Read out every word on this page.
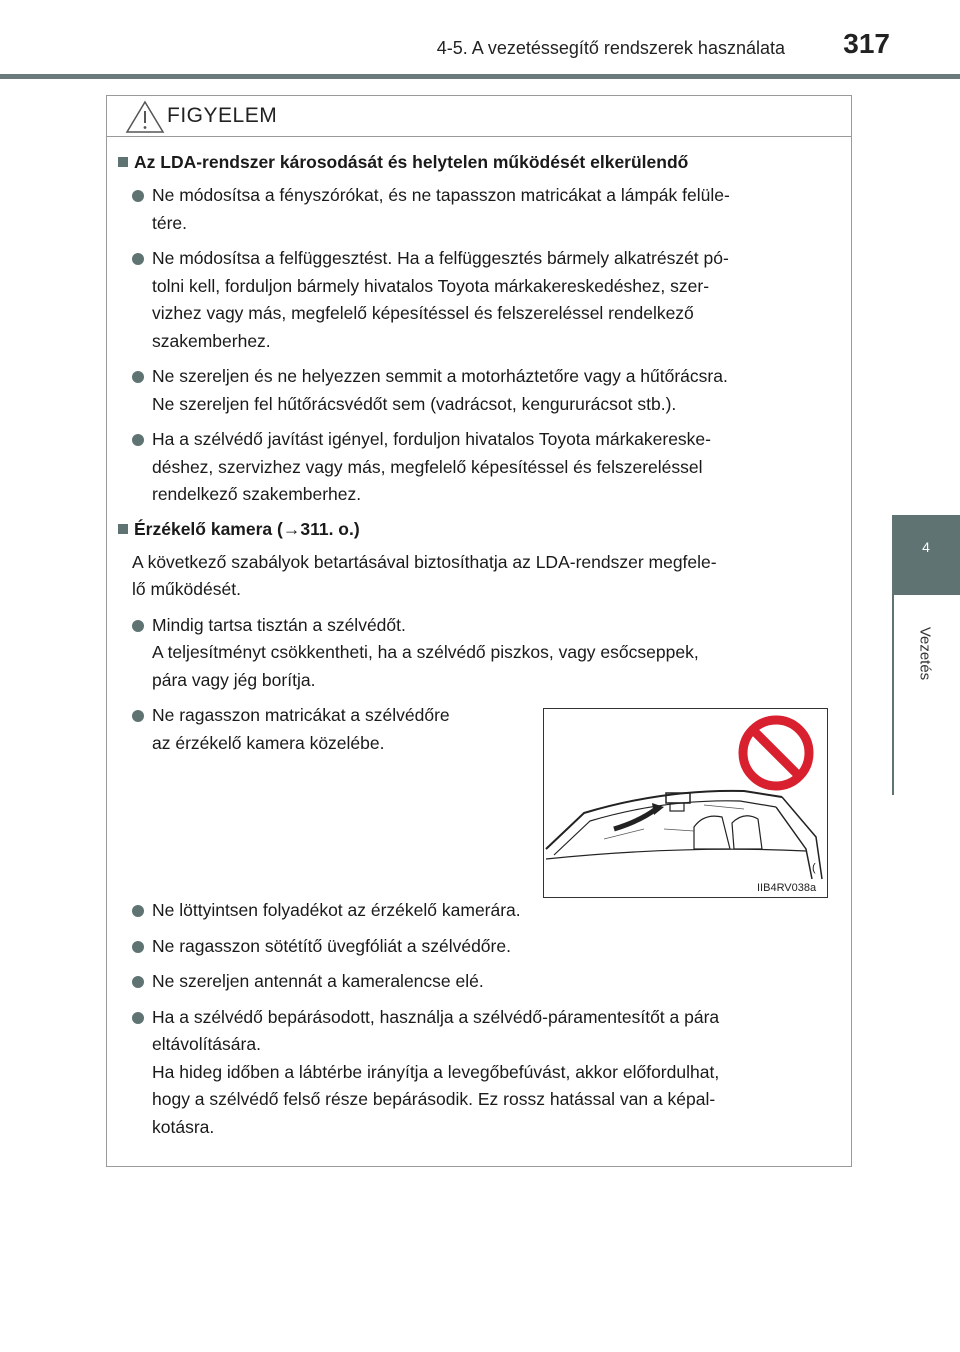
4-5. A vezetéssegítő rendszerek használata	317
4
Vezetés
FIGYELEM
Az LDA-rendszer károsodását és helytelen működését elkerülendő
Ne módosítsa a fényszórókat, és ne tapasszon matricákat a lámpák felüle-
tére.
Ne módosítsa a felfüggesztést. Ha a felfüggesztés bármely alkatrészét pó-
tolni kell, forduljon bármely hivatalos Toyota márkakereskedéshez, szer-
vizhez vagy más, megfelelő képesítéssel és felszereléssel rendelkező
szakemberhez.
Ne szereljen és ne helyezzen semmit a motorháztetőre vagy a hűtőrácsra.
Ne szereljen fel hűtőrácsvédőt sem (vadrácsot, kengururácsot stb.).
Ha a szélvédő javítást igényel, forduljon hivatalos Toyota márkakereske-
déshez, szervizhez vagy más, megfelelő képesítéssel és felszereléssel
rendelkező szakemberhez.
Érzékelő kamera (→311. o.)
A következő szabályok betartásával biztosíthatja az LDA-rendszer megfele-
lő működését.
Mindig tartsa tisztán a szélvédőt.
A teljesítményt csökkentheti, ha a szélvédő piszkos, vagy esőcseppek,
pára vagy jég borítja.
Ne ragasszon matricákat a szélvédőre
az érzékelő kamera közelébe.
Ne löttyintsen folyadékot az érzékelő kamerára.
Ne ragasszon sötétítő üvegfóliát a szélvédőre.
Ne szereljen antennát a kameralencse elé.
Ha a szélvédő bepárásodott, használja a szélvédő-páramentesítőt a pára
eltávolítására.
Ha hideg időben a lábtérbe irányítja a levegőbefúvást, akkor előfordulhat,
hogy a szélvédő felső része bepárásodik. Ez rossz hatással van a képal-
kotásra.
(
IIB4RV038a
